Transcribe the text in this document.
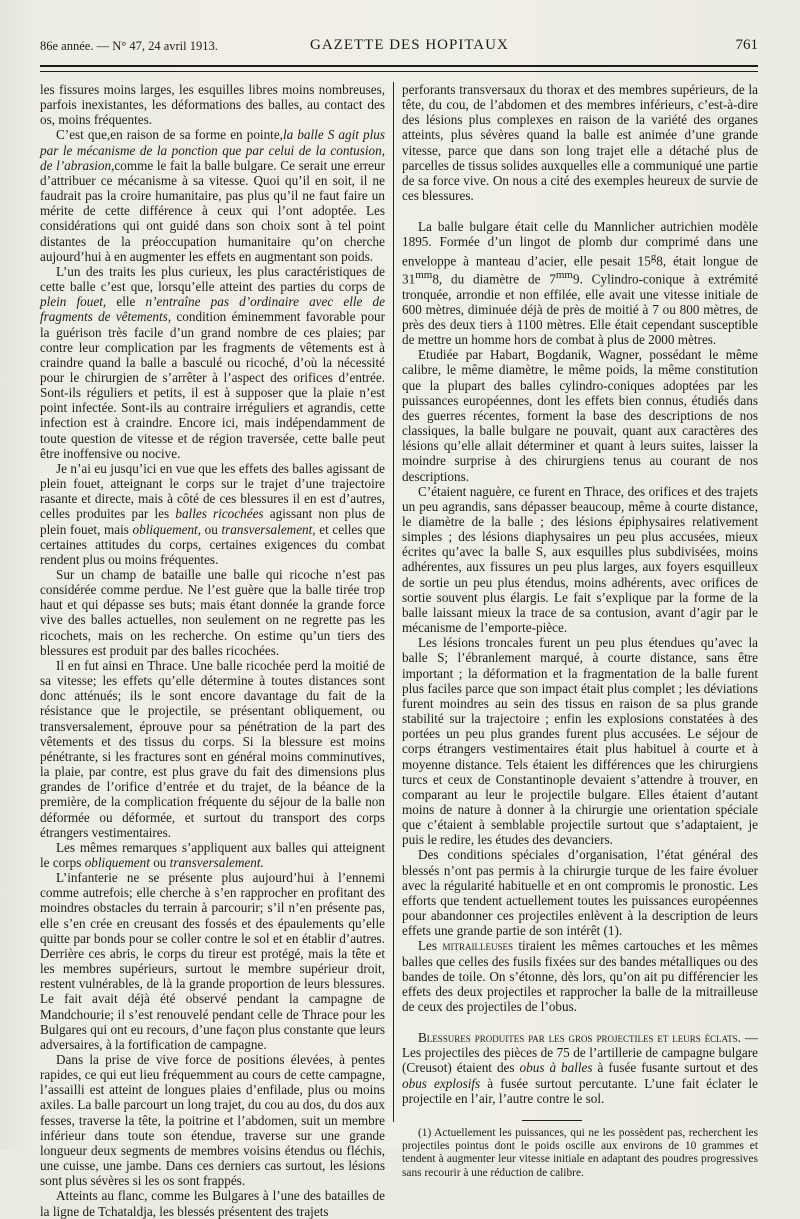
86e année. — N° 47, 24 avril 1913.	GAZETTE DES HOPITAUX	761

les fissures moins larges, les esquilles libres moins nombreuses, parfois inexistantes, les déformations des balles, au contact des os, moins fréquentes.

C’est que,en raison de sa forme en pointe,la balle S agit plus par le mécanisme de la ponction que par celui de la contusion, de l’abrasion,comme le fait la balle bulgare. Ce serait une erreur d’attribuer ce mécanisme à sa vitesse. Quoi qu’il en soit, il ne faudrait pas la croire humanitaire, pas plus qu’il ne faut faire un mérite de cette différence à ceux qui l’ont adoptée. Les considérations qui ont guidé dans son choix sont à tel point distantes de la préoccupation humanitaire qu’on cherche aujourd’hui à en augmenter les effets en augmentant son poids.

L’un des traits les plus curieux, les plus caractéristiques de cette balle c’est que, lorsqu’elle atteint des parties du corps de plein fouet, elle n’entraîne pas d’ordinaire avec elle de fragments de vêtements, condition éminemment favorable pour la guérison très facile d’un grand nombre de ces plaies; par contre leur complication par les fragments de vêtements est à craindre quand la balle a basculé ou ricoché, d’où la nécessité pour le chirurgien de s’arrêter à l’aspect des orifices d’entrée. Sont-ils réguliers et petits, il est à supposer que la plaie n’est point infectée. Sont-ils au contraire irréguliers et agrandis, cette infection est à craindre. Encore ici, mais indépendamment de toute question de vitesse et de région traversée, cette balle peut être inoffensive ou nocive.

Je n’ai eu jusqu’ici en vue que les effets des balles agissant de plein fouet, atteignant le corps sur le trajet d’une trajectoire rasante et directe, mais à côté de ces blessures il en est d’autres, celles produites par les balles ricochées agissant non plus de plein fouet, mais obliquement, ou transversalement, et celles que certaines attitudes du corps, certaines exigences du combat rendent plus ou moins fréquentes.

Sur un champ de bataille une balle qui ricoche n’est pas considérée comme perdue. Ne l’est guère que la balle tirée trop haut et qui dépasse ses buts; mais étant donnée la grande force vive des balles actuelles, non seulement on ne regrette pas les ricochets, mais on les recherche. On estime qu’un tiers des blessures est produit par des balles ricochées.

Il en fut ainsi en Thrace. Une balle ricochée perd la moitié de sa vitesse; les effets qu’elle détermine à toutes distances sont donc atténués; ils le sont encore davantage du fait de la résistance que le projectile, se présentant obliquement, ou transversalement, éprouve pour sa pénétration de la part des vêtements et des tissus du corps. Si la blessure est moins pénétrante, si les fractures sont en général moins comminutives, la plaie, par contre, est plus grave du fait des dimensions plus grandes de l’orifice d’entrée et du trajet, de la béance de la première, de la complication fréquente du séjour de la balle non déformée ou déformée, et surtout du transport des corps étrangers vestimentaires.

Les mêmes remarques s’appliquent aux balles qui atteignent le corps obliquement ou transversalement.

L’infanterie ne se présente plus aujourd’hui à l’ennemi comme autrefois; elle cherche à s’en rapprocher en profitant des moindres obstacles du terrain à parcourir; s’il n’en présente pas, elle s’en crée en creusant des fossés et des épaulements qu’elle quitte par bonds pour se coller contre le sol et en établir d’autres. Derrière ces abris, le corps du tireur est protégé, mais la tête et les membres supérieurs, surtout le membre supérieur droit, restent vulnérables, de là la grande proportion de leurs blessures. Le fait avait déjà été observé pendant la campagne de Mandchourie; il s’est renouvelé pendant celle de Thrace pour les Bulgares qui ont eu recours, d’une façon plus constante que leurs adversaires, à la fortification de campagne.

Dans la prise de vive force de positions élevées, à pentes rapides, ce qui eut lieu fréquemment au cours de cette campagne, l’assailli est atteint de longues plaies d’enfilade, plus ou moins axiles. La balle parcourt un long trajet, du cou au dos, du dos aux fesses, traverse la tête, la poitrine et l’abdomen, suit un membre inférieur dans toute son étendue, traverse sur une grande longueur deux segments de membres voisins étendus ou fléchis, une cuisse, une jambe. Dans ces derniers cas surtout, les lésions sont plus sévères si les os sont frappés.

Atteints au flanc, comme les Bulgares à l’une des batailles de la ligne de Tchataldja, les blessés présentent des trajets

perforants transversaux du thorax et des membres supérieurs, de la tête, du cou, de l’abdomen et des membres inférieurs, c’est-à-dire des lésions plus complexes en raison de la variété des organes atteints, plus sévères quand la balle est animée d’une grande vitesse, parce que dans son long trajet elle a détaché plus de parcelles de tissus solides auxquelles elle a communiqué une partie de sa force vive. On nous a cité des exemples heureux de survie de ces blessures.

La balle bulgare était celle du Mannlicher autrichien modèle 1895. Formée d’un lingot de plomb dur comprimé dans une enveloppe à manteau d’acier, elle pesait 15$^g$8, était longue de $31^{mm}8$, du diamètre de $7^{mm}9$. Cylindro-conique à extrémité tronquée, arrondie et non effilée, elle avait une vitesse initiale de 600 mètres, diminuée déjà de près de moitié à 7 ou 800 mètres, de près des deux tiers à 1100 mètres. Elle était cependant susceptible de mettre un homme hors de combat à plus de 2000 mètres.

Etudiée par Habart, Bogdanik, Wagner, possédant le même calibre, le même diamètre, le même poids, la même constitution que la plupart des balles cylindro-coniques adoptées par les puissances européennes, dont les effets bien connus, étudiés dans des guerres récentes, forment la base des descriptions de nos classiques, la balle bulgare ne pouvait, quant aux caractères des lésions qu’elle allait déterminer et quant à leurs suites, laisser la moindre surprise à des chirurgiens tenus au courant de nos descriptions.

C’étaient naguère, ce furent en Thrace, des orifices et des trajets un peu agrandis, sans dépasser beaucoup, même à courte distance, le diamètre de la balle ; des lésions épiphysaires relativement simples ; des lésions diaphysaires un peu plus accusées, mieux écrites qu’avec la balle S, aux esquilles plus subdivisées, moins adhérentes, aux fissures un peu plus larges, aux foyers esquilleux de sortie un peu plus étendus, moins adhérents, avec orifices de sortie souvent plus élargis. Le fait s’explique par la forme de la balle laissant mieux la trace de sa contusion, avant d’agir par le mécanisme de l’emporte-pièce.

Les lésions troncales furent un peu plus étendues qu’avec la balle S; l’ébranlement marqué, à courte distance, sans être important ; la déformation et la fragmentation de la balle furent plus faciles parce que son impact était plus complet ; les déviations furent moindres au sein des tissus en raison de sa plus grande stabilité sur la trajectoire ; enfin les explosions constatées à des portées un peu plus grandes furent plus accusées. Le séjour de corps étrangers vestimentaires était plus habituel à courte et à moyenne distance. Tels étaient les différences que les chirurgiens turcs et ceux de Constantinople devaient s’attendre à trouver, en comparant au leur le projectile bulgare. Elles étaient d’autant moins de nature à donner à la chirurgie une orientation spéciale que c’étaient à semblable projectile surtout que s’adaptaient, je puis le redire, les études des devanciers.

Des conditions spéciales d’organisation, l’état général des blessés n’ont pas permis à la chirurgie turque de les faire évoluer avec la régularité habituelle et en ont compromis le pronostic. Les efforts que tendent actuellement toutes les puissances européennes pour abandonner ces projectiles enlèvent à la description de leurs effets une grande partie de son intérêt (1).

Les mitrailleuses tiraient les mêmes cartouches et les mêmes balles que celles des fusils fixées sur des bandes métalliques ou des bandes de toile. On s’étonne, dès lors, qu’on ait pu différencier les effets des deux projectiles et rapprocher la balle de la mitrailleuse de ceux des projectiles de l’obus.

Blessures produites par les gros projectiles et leurs éclats. — Les projectiles des pièces de 75 de l’artillerie de campagne bulgare (Creusot) étaient des obus à balles à fusée fusante surtout et des obus explosifs à fusée surtout percutante. L’une fait éclater le projectile en l’air, l’autre contre le sol.

(1) Actuellement les puissances, qui ne les possèdent pas, recherchent les projectiles pointus dont le poids oscille aux environs de 10 grammes et tendent à augmenter leur vitesse initiale en adaptant des poudres progressives sans recourir à une réduction de calibre.
